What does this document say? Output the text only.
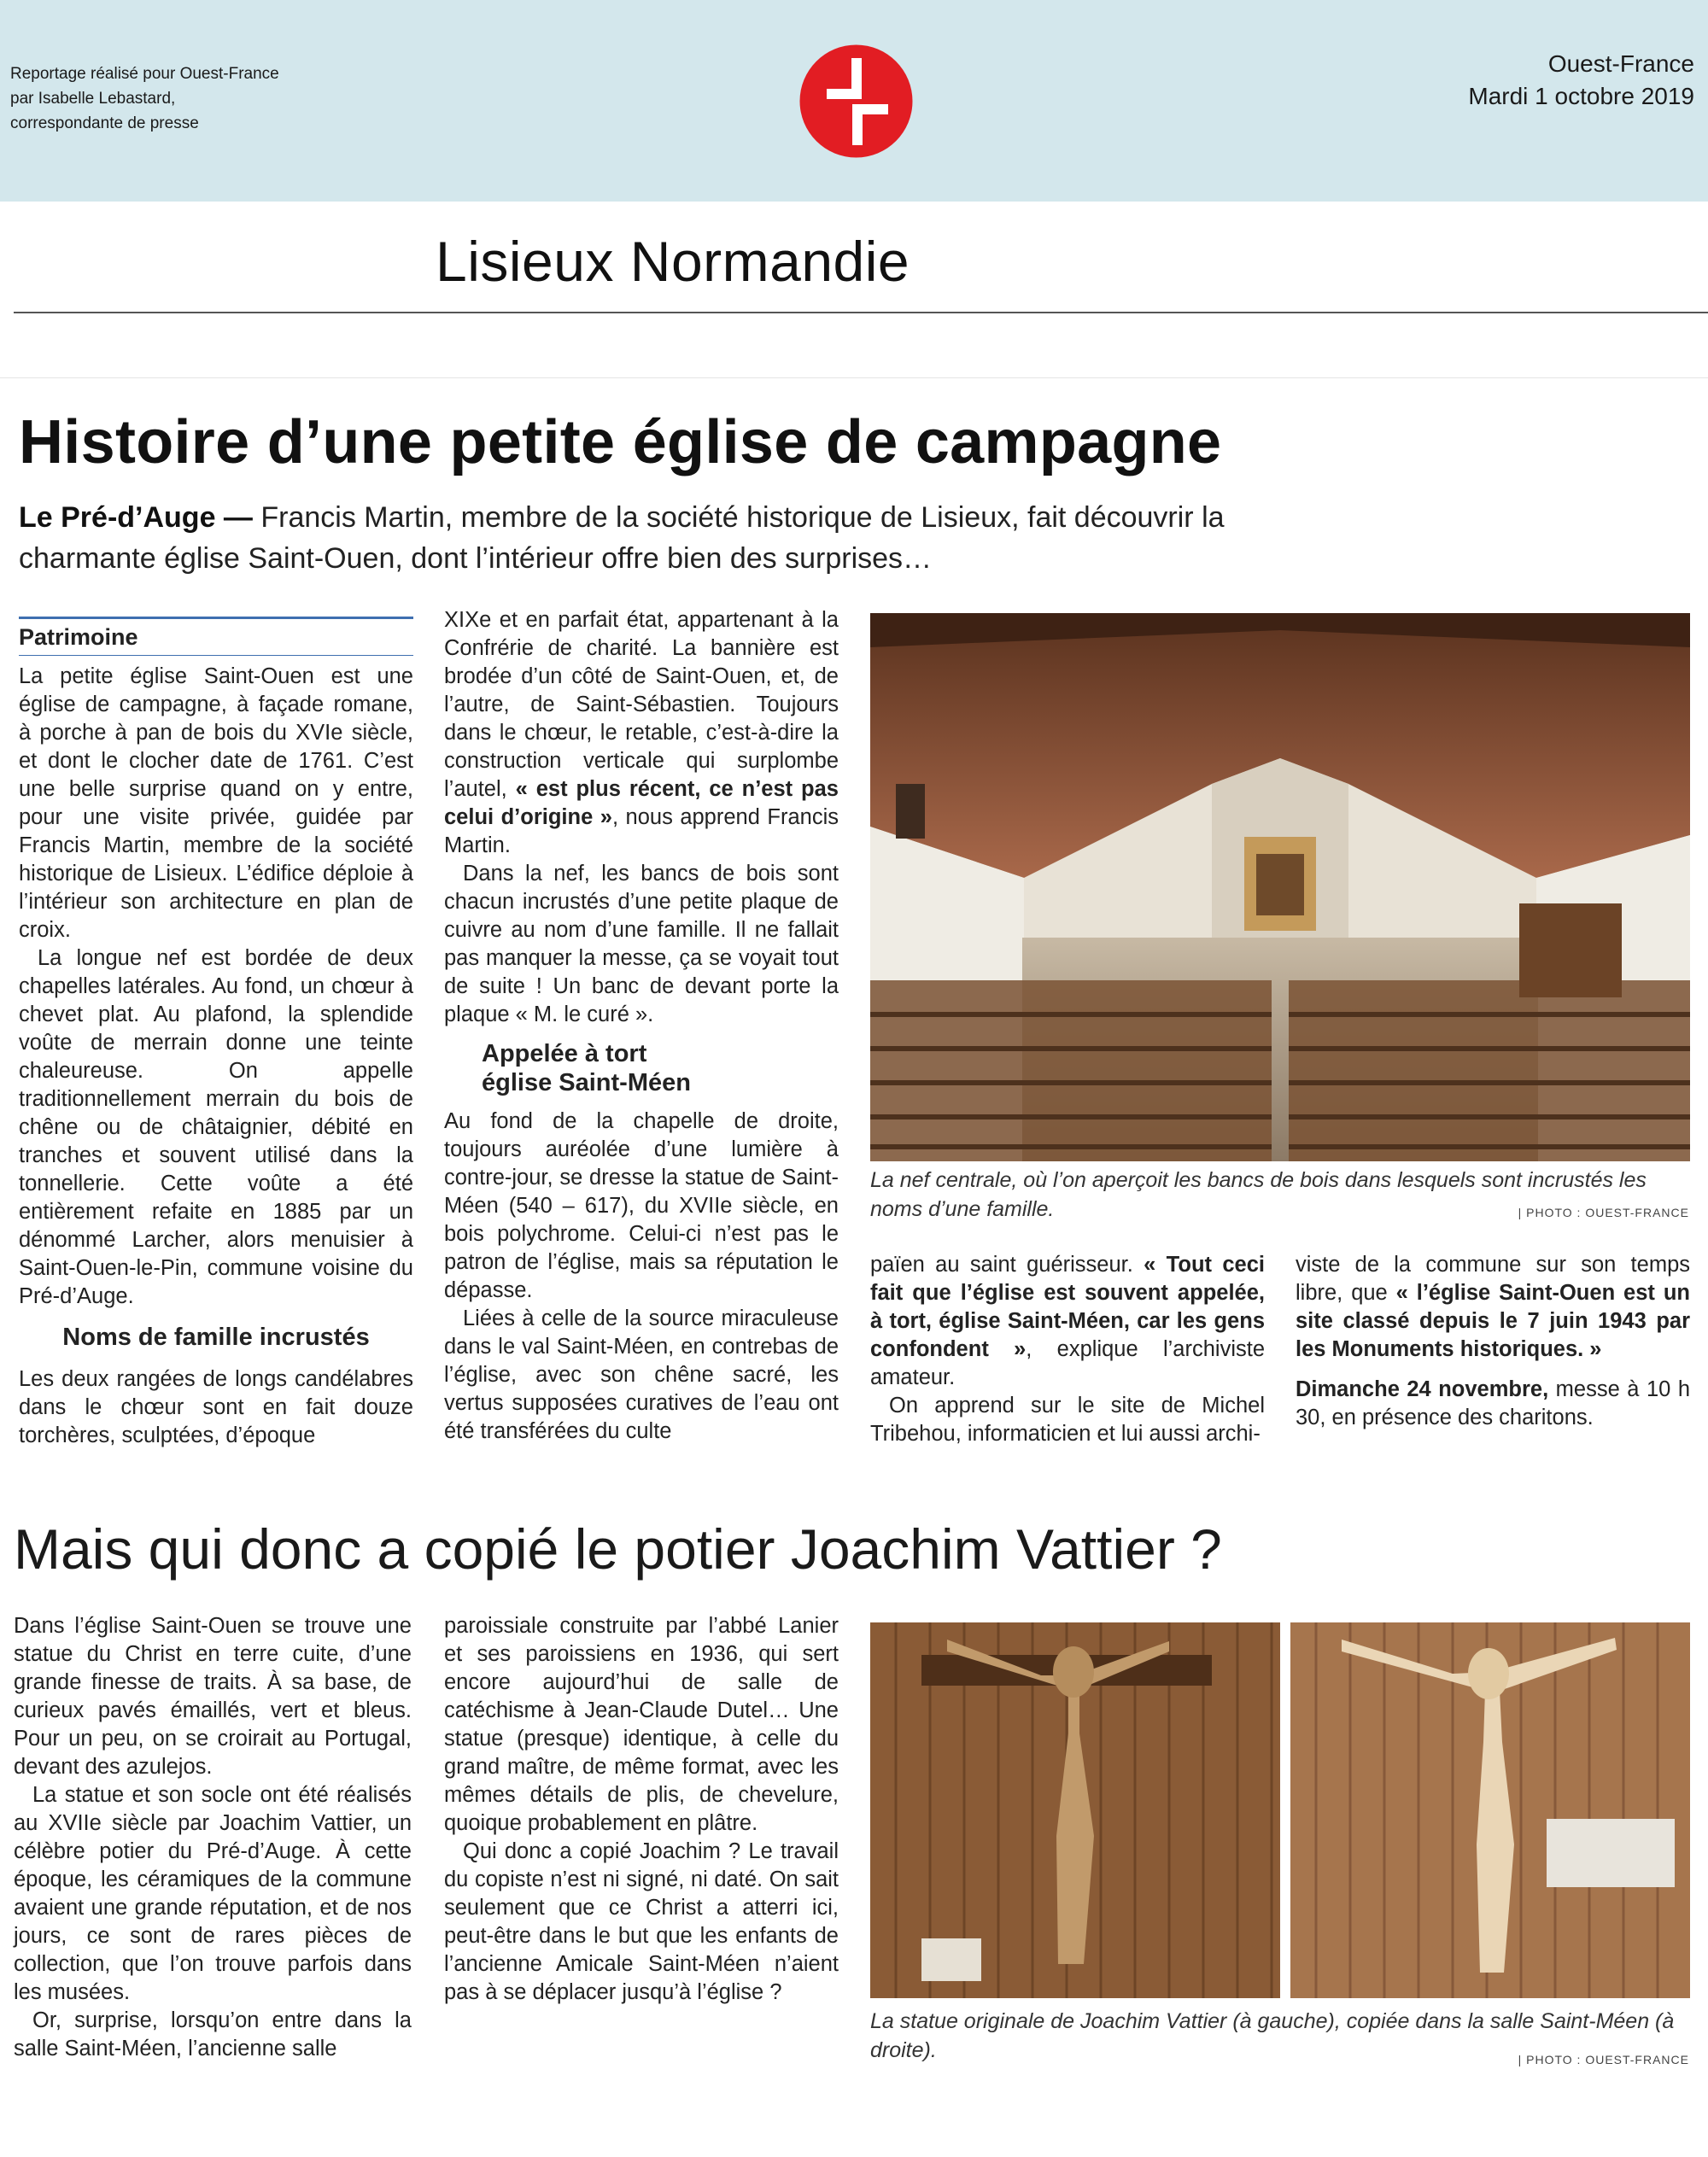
Reportage réalisé pour Ouest-France
par Isabelle Lebastard,
correspondante de presse
Ouest-France
Mardi 1 octobre 2019
Lisieux Normandie
Histoire d’une petite église de campagne
Le Pré-d’Auge — Francis Martin, membre de la société historique de Lisieux, fait découvrir la charmante église Saint-Ouen, dont l’intérieur offre bien des surprises…
Patrimoine

La petite église Saint-Ouen est une église de campagne, à façade romane, à porche à pan de bois du XVIe siècle, et dont le clocher date de 1761. C’est une belle surprise quand on y entre, pour une visite privée, guidée par Francis Martin, membre de la société historique de Lisieux. L’édifice déploie à l’intérieur son architecture en plan de croix.

La longue nef est bordée de deux chapelles latérales. Au fond, un chœur à chevet plat. Au plafond, la splendide voûte de merrain donne une teinte chaleureuse. On appelle traditionnellement merrain du bois de chêne ou de châtaignier, débité en tranches et souvent utilisé dans la tonnellerie. Cette voûte a été entièrement refaite en 1885 par un dénommé Larcher, alors menuisier à Saint-Ouen-le-Pin, commune voisine du Pré-d’Auge.

Noms de famille incrustés

Les deux rangées de longs candélabres dans le chœur sont en fait douze torchères, sculptées, d’époque

XIXe et en parfait état, appartenant à la Confrérie de charité. La bannière est brodée d’un côté de Saint-Ouen, et, de l’autre, de Saint-Sébastien. Toujours dans le chœur, le retable, c’est-à-dire la construction verticale qui surplombe l’autel, « est plus récent, ce n’est pas celui d’origine », nous apprend Francis Martin.

Dans la nef, les bancs de bois sont chacun incrustés d’une petite plaque de cuivre au nom d’une famille. Il ne fallait pas manquer la messe, ça se voyait tout de suite ! Un banc de devant porte la plaque « M. le curé ».

Appelée à tort
église Saint-Méen

Au fond de la chapelle de droite, toujours auréolée d’une lumière à contre-jour, se dresse la statue de Saint-Méen (540 – 617), du XVIIe siècle, en bois polychrome. Celui-ci n’est pas le patron de l’église, mais sa réputation le dépasse.

Liées à celle de la source miraculeuse dans le val Saint-Méen, en contrebas de l’église, avec son chêne sacré, les vertus supposées curatives de l’eau ont été transférées du culte

La nef centrale, où l’on aperçoit les bancs de bois dans lesquels sont incrustés les noms d’une famille.	| PHOTO : OUEST-FRANCE

païen au saint guérisseur. « Tout ceci fait que l’église est souvent appelée, à tort, église Saint-Méen, car les gens confondent », explique l’archiviste amateur.

On apprend sur le site de Michel Tribehou, informaticien et lui aussi archi-

viste de la commune sur son temps libre, que « l’église Saint-Ouen est un site classé depuis le 7 juin 1943 par les Monuments historiques. »

Dimanche 24 novembre, messe à 10 h 30, en présence des charitons.

Mais qui donc a copié le potier Joachim Vattier ?

Dans l’église Saint-Ouen se trouve une statue du Christ en terre cuite, d’une grande finesse de traits. À sa base, de curieux pavés émaillés, vert et bleus. Pour un peu, on se croirait au Portugal, devant des azulejos.

La statue et son socle ont été réalisés au XVIIe siècle par Joachim Vattier, un célèbre potier du Pré-d’Auge. À cette époque, les céramiques de la commune avaient une grande réputation, et de nos jours, ce sont de rares pièces de collection, que l’on trouve parfois dans les musées.

Or, surprise, lorsqu’on entre dans la salle Saint-Méen, l’ancienne salle

paroissiale construite par l’abbé Lanier et ses paroissiens en 1936, qui sert encore aujourd’hui de salle de catéchisme à Jean-Claude Dutel… Une statue (presque) identique, à celle du grand maître, de même format, avec les mêmes détails de plis, de chevelure, quoique probablement en plâtre.

Qui donc a copié Joachim ? Le travail du copiste n’est ni signé, ni daté. On sait seulement que ce Christ a atterri ici, peut-être dans le but que les enfants de l’ancienne Amicale Saint-Méen n’aient pas à se déplacer jusqu’à l’église ?

La statue originale de Joachim Vattier (à gauche), copiée dans la salle Saint-Méen (à droite).	| PHOTO : OUEST-FRANCE
